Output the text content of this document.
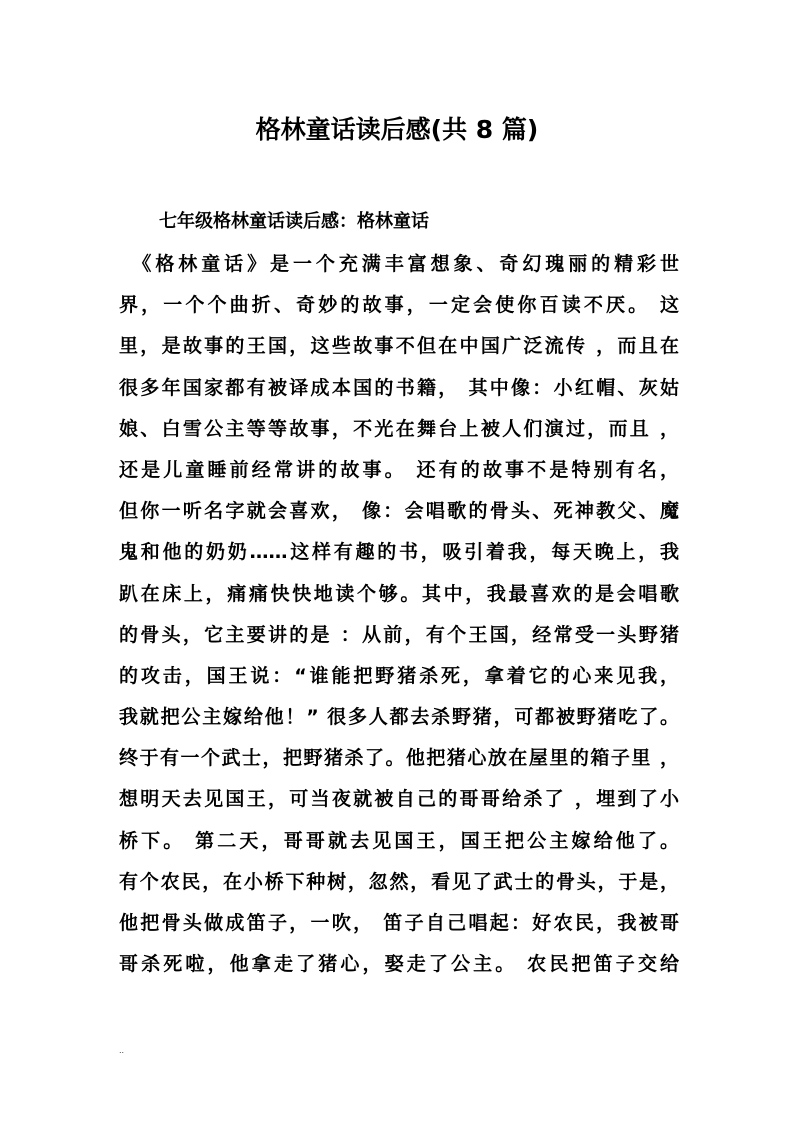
格林童话读后感(共 8 篇)

七年级格林童话读后感：格林童话

　《格林童话》是一个充满丰富想象、奇幻瑰丽的精彩世
界，一个个曲折、奇妙的故事，一定会使你百读不厌。 这
里，是故事的王国，这些故事不但在中国广泛流传 ，而且在
很多年国家都有被译成本国的书籍， 其中像：小红帽、灰姑
娘、白雪公主等等故事，不光在舞台上被人们演过，而且 ，
还是儿童睡前经常讲的故事。 还有的故事不是特别有名，
但你一听名字就会喜欢， 像：会唱歌的骨头、死神教父、魔
鬼和他的奶奶……这样有趣的书，吸引着我，每天晚上，我
趴在床上，痛痛快快地读个够。其中，我最喜欢的是会唱歌
的骨头，它主要讲的是 ：从前，有个王国，经常受一头野猪
的攻击，国王说：“谁能把野猪杀死，拿着它的心来见我，
我就把公主嫁给他！” 很多人都去杀野猪，可都被野猪吃了。
终于有一个武士，把野猪杀了。他把猪心放在屋里的箱子里 ，
想明天去见国王，可当夜就被自己的哥哥给杀了 ，埋到了小
桥下。 第二天，哥哥就去见国王，国王把公主嫁给他了。
有个农民，在小桥下种树，忽然，看见了武士的骨头，于是，
他把骨头做成笛子，一吹， 笛子自己唱起：好农民，我被哥
哥杀死啦，他拿走了猪心，娶走了公主。 农民把笛子交给
..
